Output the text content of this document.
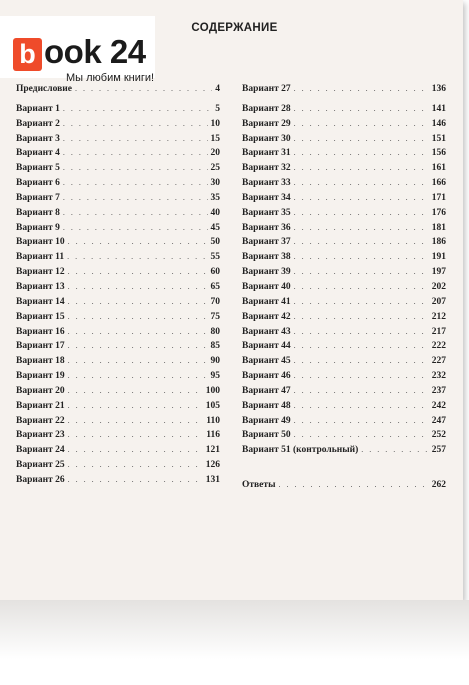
СОДЕРЖАНИЕ
Предисловие . . .	4
Вариант 1 . . .	5
Вариант 2 . . .	10
Вариант 3 . . .	15
Вариант 4 . . .	20
Вариант 5 . . .	25
Вариант 6 . . .	30
Вариант 7 . . .	35
Вариант 8 . . .	40
Вариант 9 . . .	45
Вариант 10 . . .	50
Вариант 11 . . .	55
Вариант 12 . . .	60
Вариант 13 . . .	65
Вариант 14 . . .	70
Вариант 15 . . .	75
Вариант 16 . . .	80
Вариант 17 . . .	85
Вариант 18 . . .	90
Вариант 19 . . .	95
Вариант 20 . . .	100
Вариант 21 . . .	105
Вариант 22 . . .	110
Вариант 23 . . .	116
Вариант 24 . . .	121
Вариант 25 . . .	126
Вариант 26 . . .	131
Вариант 27 . . .	136
Вариант 28 . . .	141
Вариант 29 . . .	146
Вариант 30 . . .	151
Вариант 31 . . .	156
Вариант 32 . . .	161
Вариант 33 . . .	166
Вариант 34 . . .	171
Вариант 35 . . .	176
Вариант 36 . . .	181
Вариант 37 . . .	186
Вариант 38 . . .	191
Вариант 39 . . .	197
Вариант 40 . . .	202
Вариант 41 . . .	207
Вариант 42 . . .	212
Вариант 43 . . .	217
Вариант 44 . . .	222
Вариант 45 . . .	227
Вариант 46 . . .	232
Вариант 47 . . .	237
Вариант 48 . . .	242
Вариант 49 . . .	247
Вариант 50 . . .	252
Вариант 51 (контрольный) . . .	257
Ответы . . .	262
b ook 24
Мы любим книги!
